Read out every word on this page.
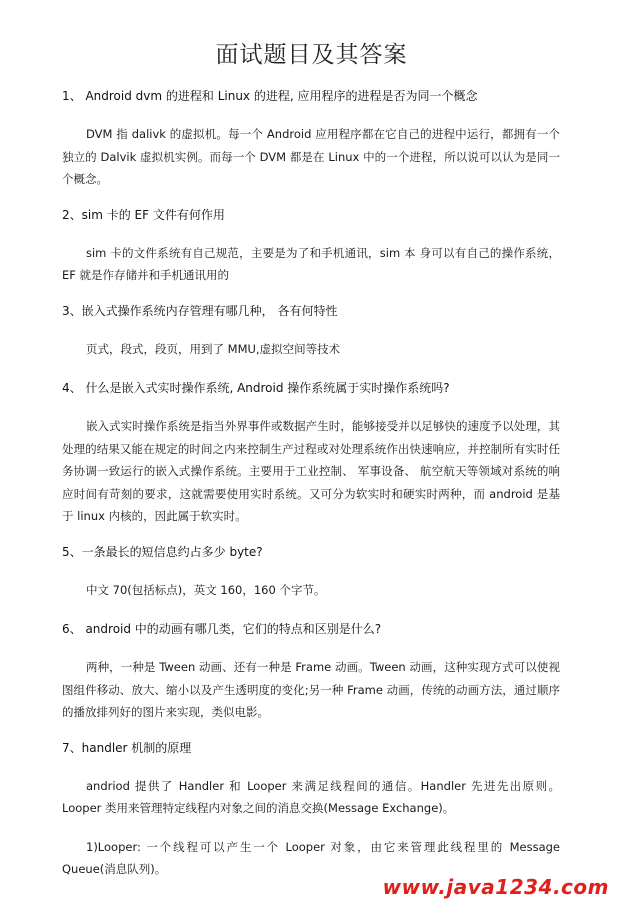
面试题目及其答案
1、 Android dvm 的进程和 Linux 的进程, 应用程序的进程是否为同一个概念
DVM 指 dalivk 的虚拟机。每一个 Android 应用程序都在它自己的进程中运行，都拥有一个独立的 Dalvik 虚拟机实例。而每一个 DVM 都是在 Linux 中的一个进程，所以说可以认为是同一个概念。
2、sim 卡的 EF 文件有何作用
sim 卡的文件系统有自己规范，主要是为了和手机通讯，sim 本 身可以有自己的操作系统，EF 就是作存储并和手机通讯用的
3、嵌入式操作系统内存管理有哪几种， 各有何特性
页式，段式，段页，用到了 MMU,虚拟空间等技术
4、 什么是嵌入式实时操作系统, Android 操作系统属于实时操作系统吗?
嵌入式实时操作系统是指当外界事件或数据产生时，能够接受并以足够快的速度予以处理，其处理的结果又能在规定的时间之内来控制生产过程或对处理系统作出快速响应，并控制所有实时任务协调一致运行的嵌入式操作系统。主要用于工业控制、 军事设备、 航空航天等领域对系统的响应时间有苛刻的要求，这就需要使用实时系统。又可分为软实时和硬实时两种，而 android 是基于 linux 内核的，因此属于软实时。
5、一条最长的短信息约占多少 byte?
中文 70(包括标点)，英文 160，160 个字节。
6、 android 中的动画有哪几类，它们的特点和区别是什么?
两种，一种是 Tween 动画、还有一种是 Frame 动画。Tween 动画，这种实现方式可以使视图组件移动、放大、缩小以及产生透明度的变化;另一种 Frame 动画，传统的动画方法，通过顺序的播放排列好的图片来实现，类似电影。
7、handler 机制的原理
andriod 提供了 Handler 和 Looper 来满足线程间的通信。Handler 先进先出原则。Looper 类用来管理特定线程内对象之间的消息交换(Message Exchange)。
1)Looper: 一个线程可以产生一个 Looper 对象，由它来管理此线程里的 Message Queue(消息队列)。
www.java1234.com
